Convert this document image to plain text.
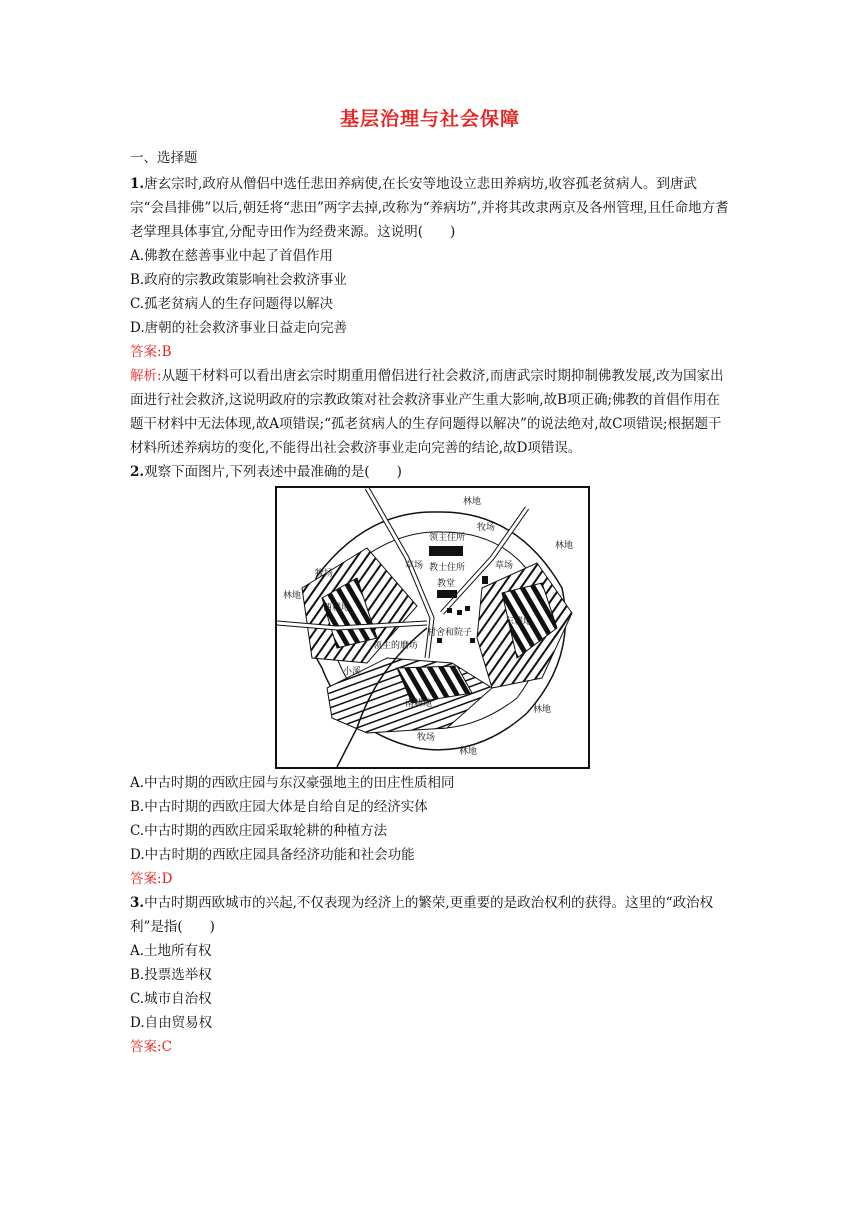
基层治理与社会保障
一、选择题

1.唐玄宗时,政府从僧侣中选任悲田养病使,在长安等地设立悲田养病坊,收容孤老贫病人。到唐武宗“会昌排佛”以后,朝廷将“悲田”两字去掉,改称为“养病坊”,并将其改隶两京及各州管理,且任命地方耆老掌理具体事宜,分配寺田作为经费来源。这说明(　　)

A.佛教在慈善事业中起了首倡作用

B.政府的宗教政策影响社会救济事业

C.孤老贫病人的生存问题得以解决

D.唐朝的社会救济事业日益走向完善

答案:B

解析:从题干材料可以看出唐玄宗时期重用僧侣进行社会救济,而唐武宗时期抑制佛教发展,改为国家出面进行社会救济,这说明政府的宗教政策对社会救济事业产生重大影响,故B项正确;佛教的首倡作用在题干材料中无法体现,故A项错误;“孤老贫病人的生存问题得以解决”的说法绝对,故C项错误;根据题干材料所述养病坊的变化,不能得出社会救济事业走向完善的结论,故D项错误。

2.观察下面图片,下列表述中最准确的是(　　)

林地
牧场
林地
林地
领主住所
教士住所
教堂
牧场
草场	草场
西耕地
东耕地
村舍和院子
领主的磨坊
小溪
南耕地
林地
牧场
林地

A.中古时期的西欧庄园与东汉豪强地主的田庄性质相同

B.中古时期的西欧庄园大体是自给自足的经济实体

C.中古时期的西欧庄园采取轮耕的种植方法

D.中古时期的西欧庄园具备经济功能和社会功能

答案:D

3.中古时期西欧城市的兴起,不仅表现为经济上的繁荣,更重要的是政治权利的获得。这里的“政治权利”是指(　　)

A.土地所有权

B.投票选举权

C.城市自治权

D.自由贸易权

答案:C
